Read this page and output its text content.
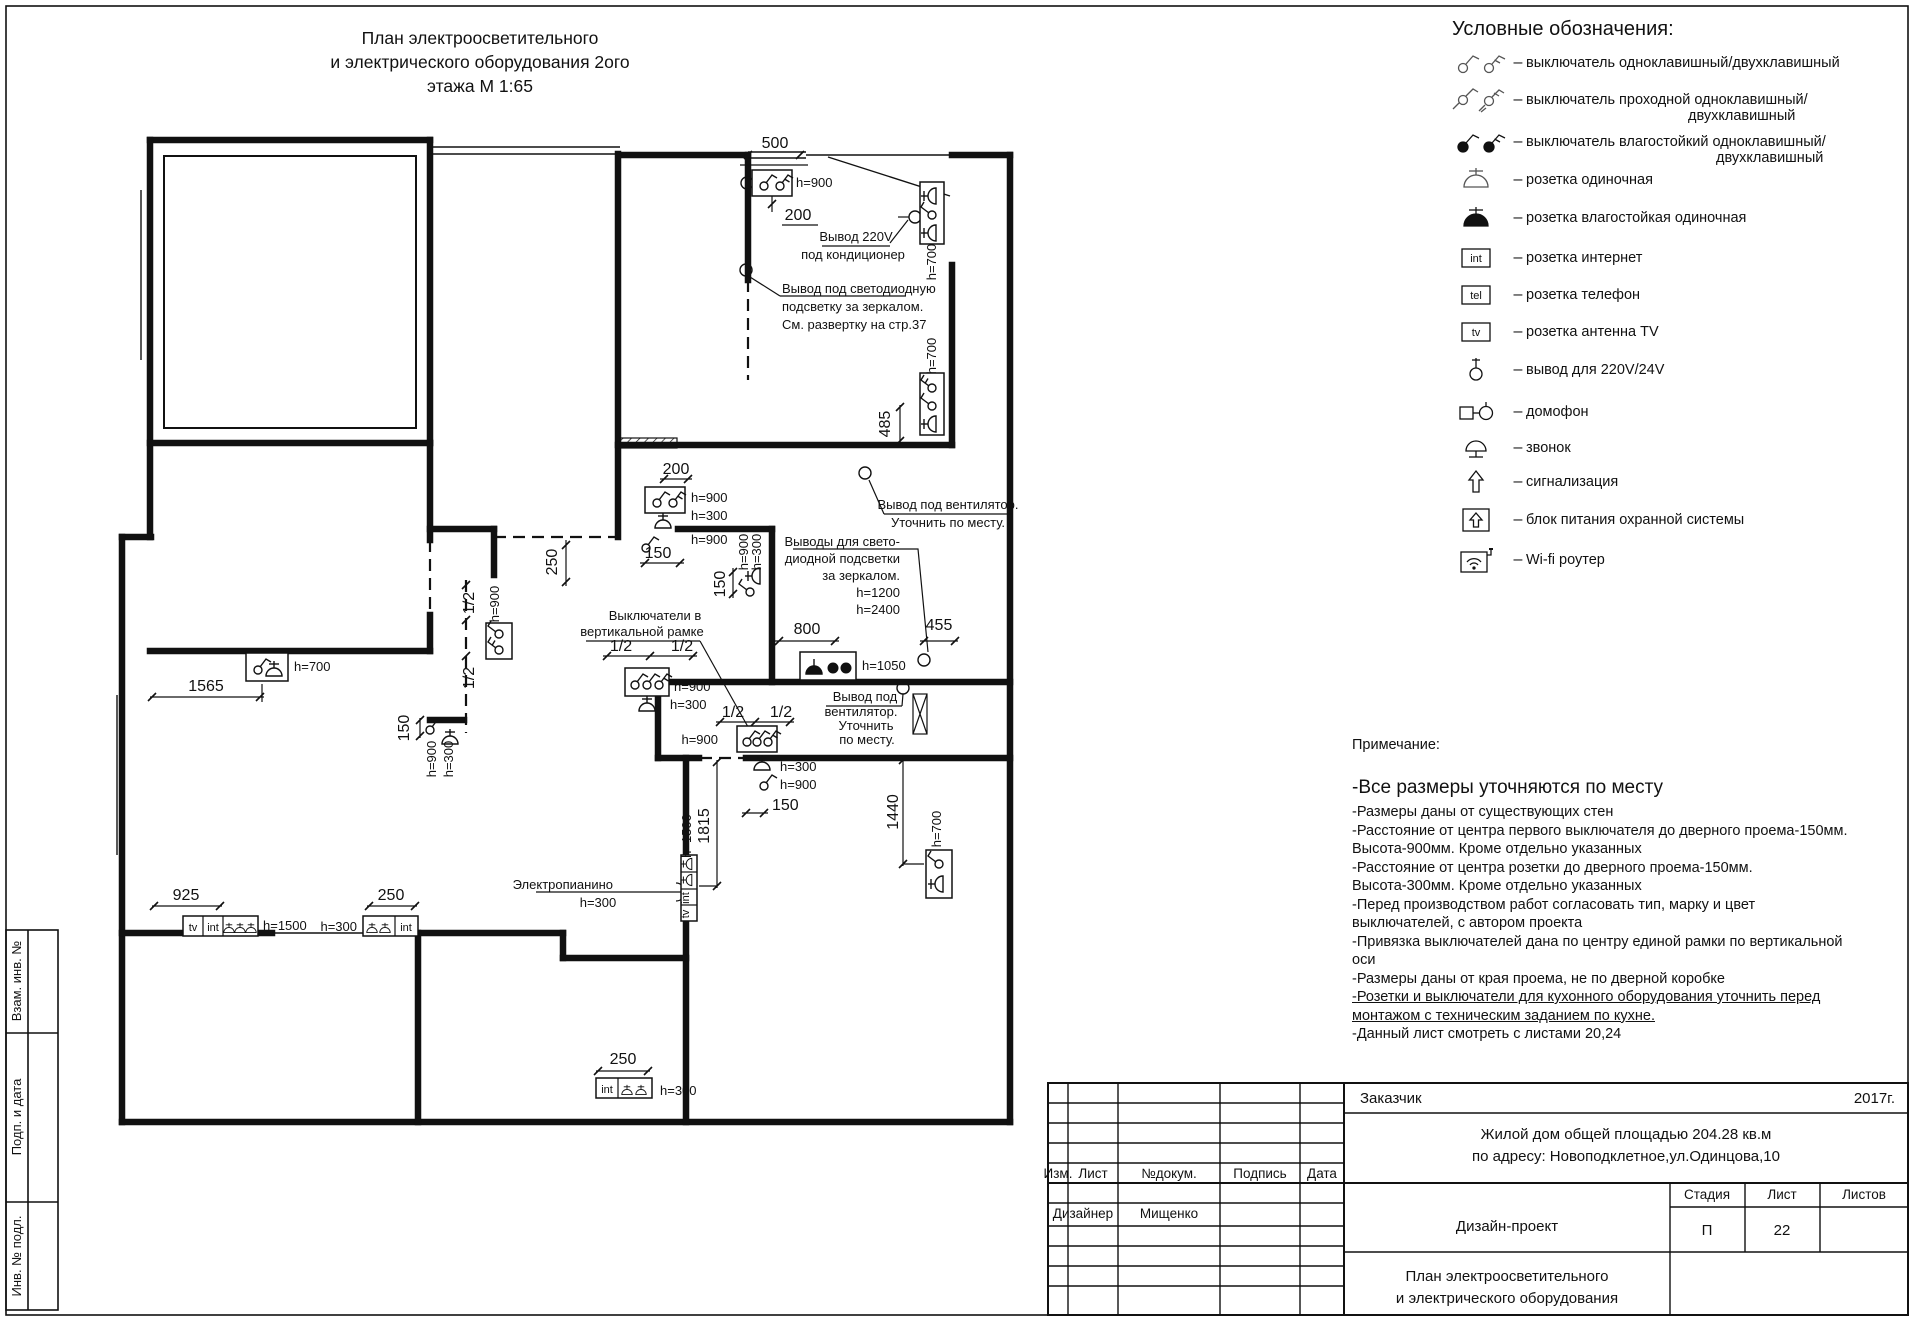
500
h=900
200
Вывод 220V
под кондиционер
Вывод под светодиодную
подсветку за зеркалом.
См. развертку на стр.37
h=700
h=700
485
200
h=900
h=300
h=900
150	h=900
h=300
150
Вывод под вентилятор.
Уточнить по месту.
Выводы для свето-
диодной подсветки
за зеркалом.
h=1200
h=2400
800	455
h=1050
Выключатели в
вертикальной рамке
1/2 1/2
h=900
h=300
1/2 h=900
1/2
250
1/2 1/2
h=900
Вывод под
вентилятор.
Уточнить
по месту.
h=300
h=900
150
1815
h=1500
int
tv
Электропианино
h=300
1440 h=700
h=700
1565
150
h=900 h=300
925
tv int	h=1500
250
h=300	int
250
int	h=300
Взам. инв. №
Подп. и дата
Инв. № подл.
План электроосветительного
и электрического оборудования 2ого
этажа М 1:65
Условные обозначения:
– выключатель одноклавишный/двухклавишный
– выключатель проходной одноклавишный/
двухклавишный
– выключатель влагостойкий одноклавишный/
двухклавишный
– розетка одиночная
– розетка влагостойкая одиночная
int – розетка интернет
tel – розетка телефон
tv – розетка антенна TV
– вывод для 220V/24V
– домофон
– звонок
– сигнализация
– блок питания охранной системы
– Wi-fi роутер
Примечание:
-Все размеры уточняются по месту
-Размеры даны от существующих стен
-Расстояние от центра первого выключателя до дверного проема-150мм.
Высота-900мм. Кроме отдельно указанных
-Расстояние от центра розетки до дверного проема-150мм.
Высота-300мм. Кроме отдельно указанных
-Перед производством работ согласовать тип, марку и цвет
выключателей, с автором проекта
-Привязка выключателей дана по центру единой рамки по вертикальной
оси
-Размеры даны от края проема, не по дверной коробке
-Розетки и выключатели для кухонного оборудования уточнить перед
монтажом с техническим заданием по кухне.
-Данный лист смотреть с листами 20,24
Заказчик	2017г.
Жилой дом общей площадью 204.28 кв.м
по адресу: Новоподклетное,ул.Одинцова,10
Изм. Лист №докум.	Подпись Дата
Дизайнер Мищенко
Дизайн-проект
Стадия	Лист	Листов
П	22
План электроосветительного
и электрического оборудования
